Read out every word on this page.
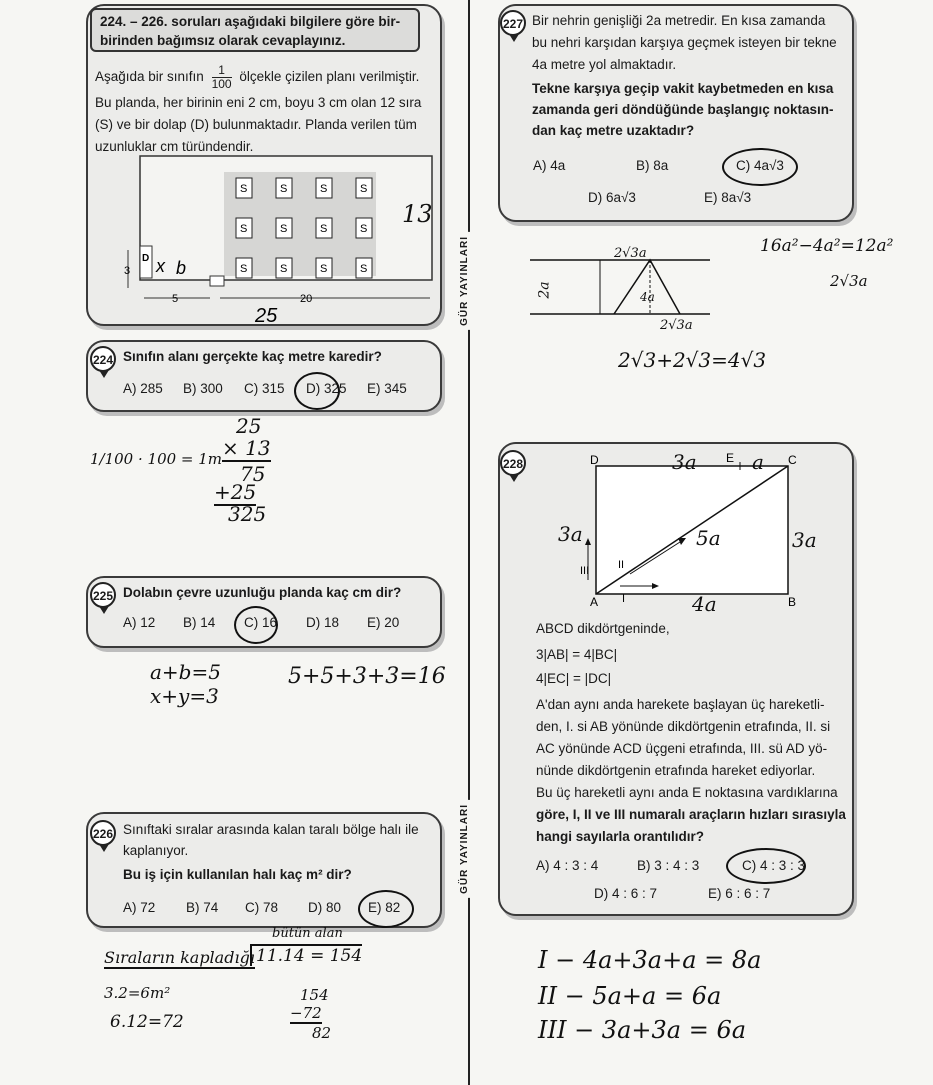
224. – 226. soruları aşağıdaki bilgilere göre bir-birinden bağımsız olarak cevaplayınız.
Aşağıda bir sınıfın $\frac{1}{100}$ ölçekle çizilen planı verilmiştir.
Bu planda, her birinin eni 2 cm, boyu 3 cm olan 12 sıra
(S) ve bir dolap (D) bulunmaktadır. Planda verilen tüm
uzunluklar cm türündendir.
S	S	S	S
S	S	S	S
S	S	S	S
D
5	20
3
25
x b
13
224 Sınıfın alanı gerçekte kaç metre karedir?
A) 285 B) 300 C) 315 D) 325 E) 345
1/100 · 100 = 1m
25
× 13
75
+25
325
225 Dolabın çevre uzunluğu planda kaç cm dir?
A) 12 B) 14 C) 16 D) 18 E) 20
a+b=5
x+y=3
5+5+3+3=16
226 Sınıftaki sıralar arasında kalan taralı bölge halı ile
kaplanıyor.
Bu iş için kullanılan halı kaç m² dir?
A) 72 B) 74 C) 78 D) 80 E) 82
bütün alan
Sıraların kapladığı 11.14 = 154
3.2=6m²
6.12=72
154
−72
82
GÜR YAYINLARI
GÜR YAYINLARI
227 Bir nehrin genişliği 2a metredir. En kısa zamanda
bu nehri karşıdan karşıya geçmek isteyen bir tekne
4a metre yol almaktadır.
Tekne karşıya geçip vakit kaybetmeden en kısa
zamanda geri döndüğünde başlangıç noktasın-
dan kaç metre uzaktadır?
A) 4a	B) 8a	C) 4a√3
D) 6a√3	E) 8a√3
2√3a
2a	4a
2√3a
16a²−4a²=12a²
2√3a
2√3+2√3=4√3
228
A	B
C
D	E
I
II
III
3a	a
3a	5a	3a
4a
ABCD dikdörtgeninde,
3|AB| = 4|BC|
4|EC| = |DC|
A'dan aynı anda harekete başlayan üç hareketli-
den, I. si AB yönünde dikdörtgenin etrafında, II. si
AC yönünde ACD üçgeni etrafında, III. sü AD yö-
nünde dikdörtgenin etrafında hareket ediyorlar.
Bu üç hareketli aynı anda E noktasına vardıklarına
göre, I, II ve III numaralı araçların hızları sırasıyla
hangi sayılarla orantılıdır?
A) 4 : 3 : 4	B) 3 : 4 : 3	C) 4 : 3 : 3
D) 4 : 6 : 7	E) 6 : 6 : 7
I − 4a+3a+a = 8a
II − 5a+a = 6a
III − 3a+3a = 6a
